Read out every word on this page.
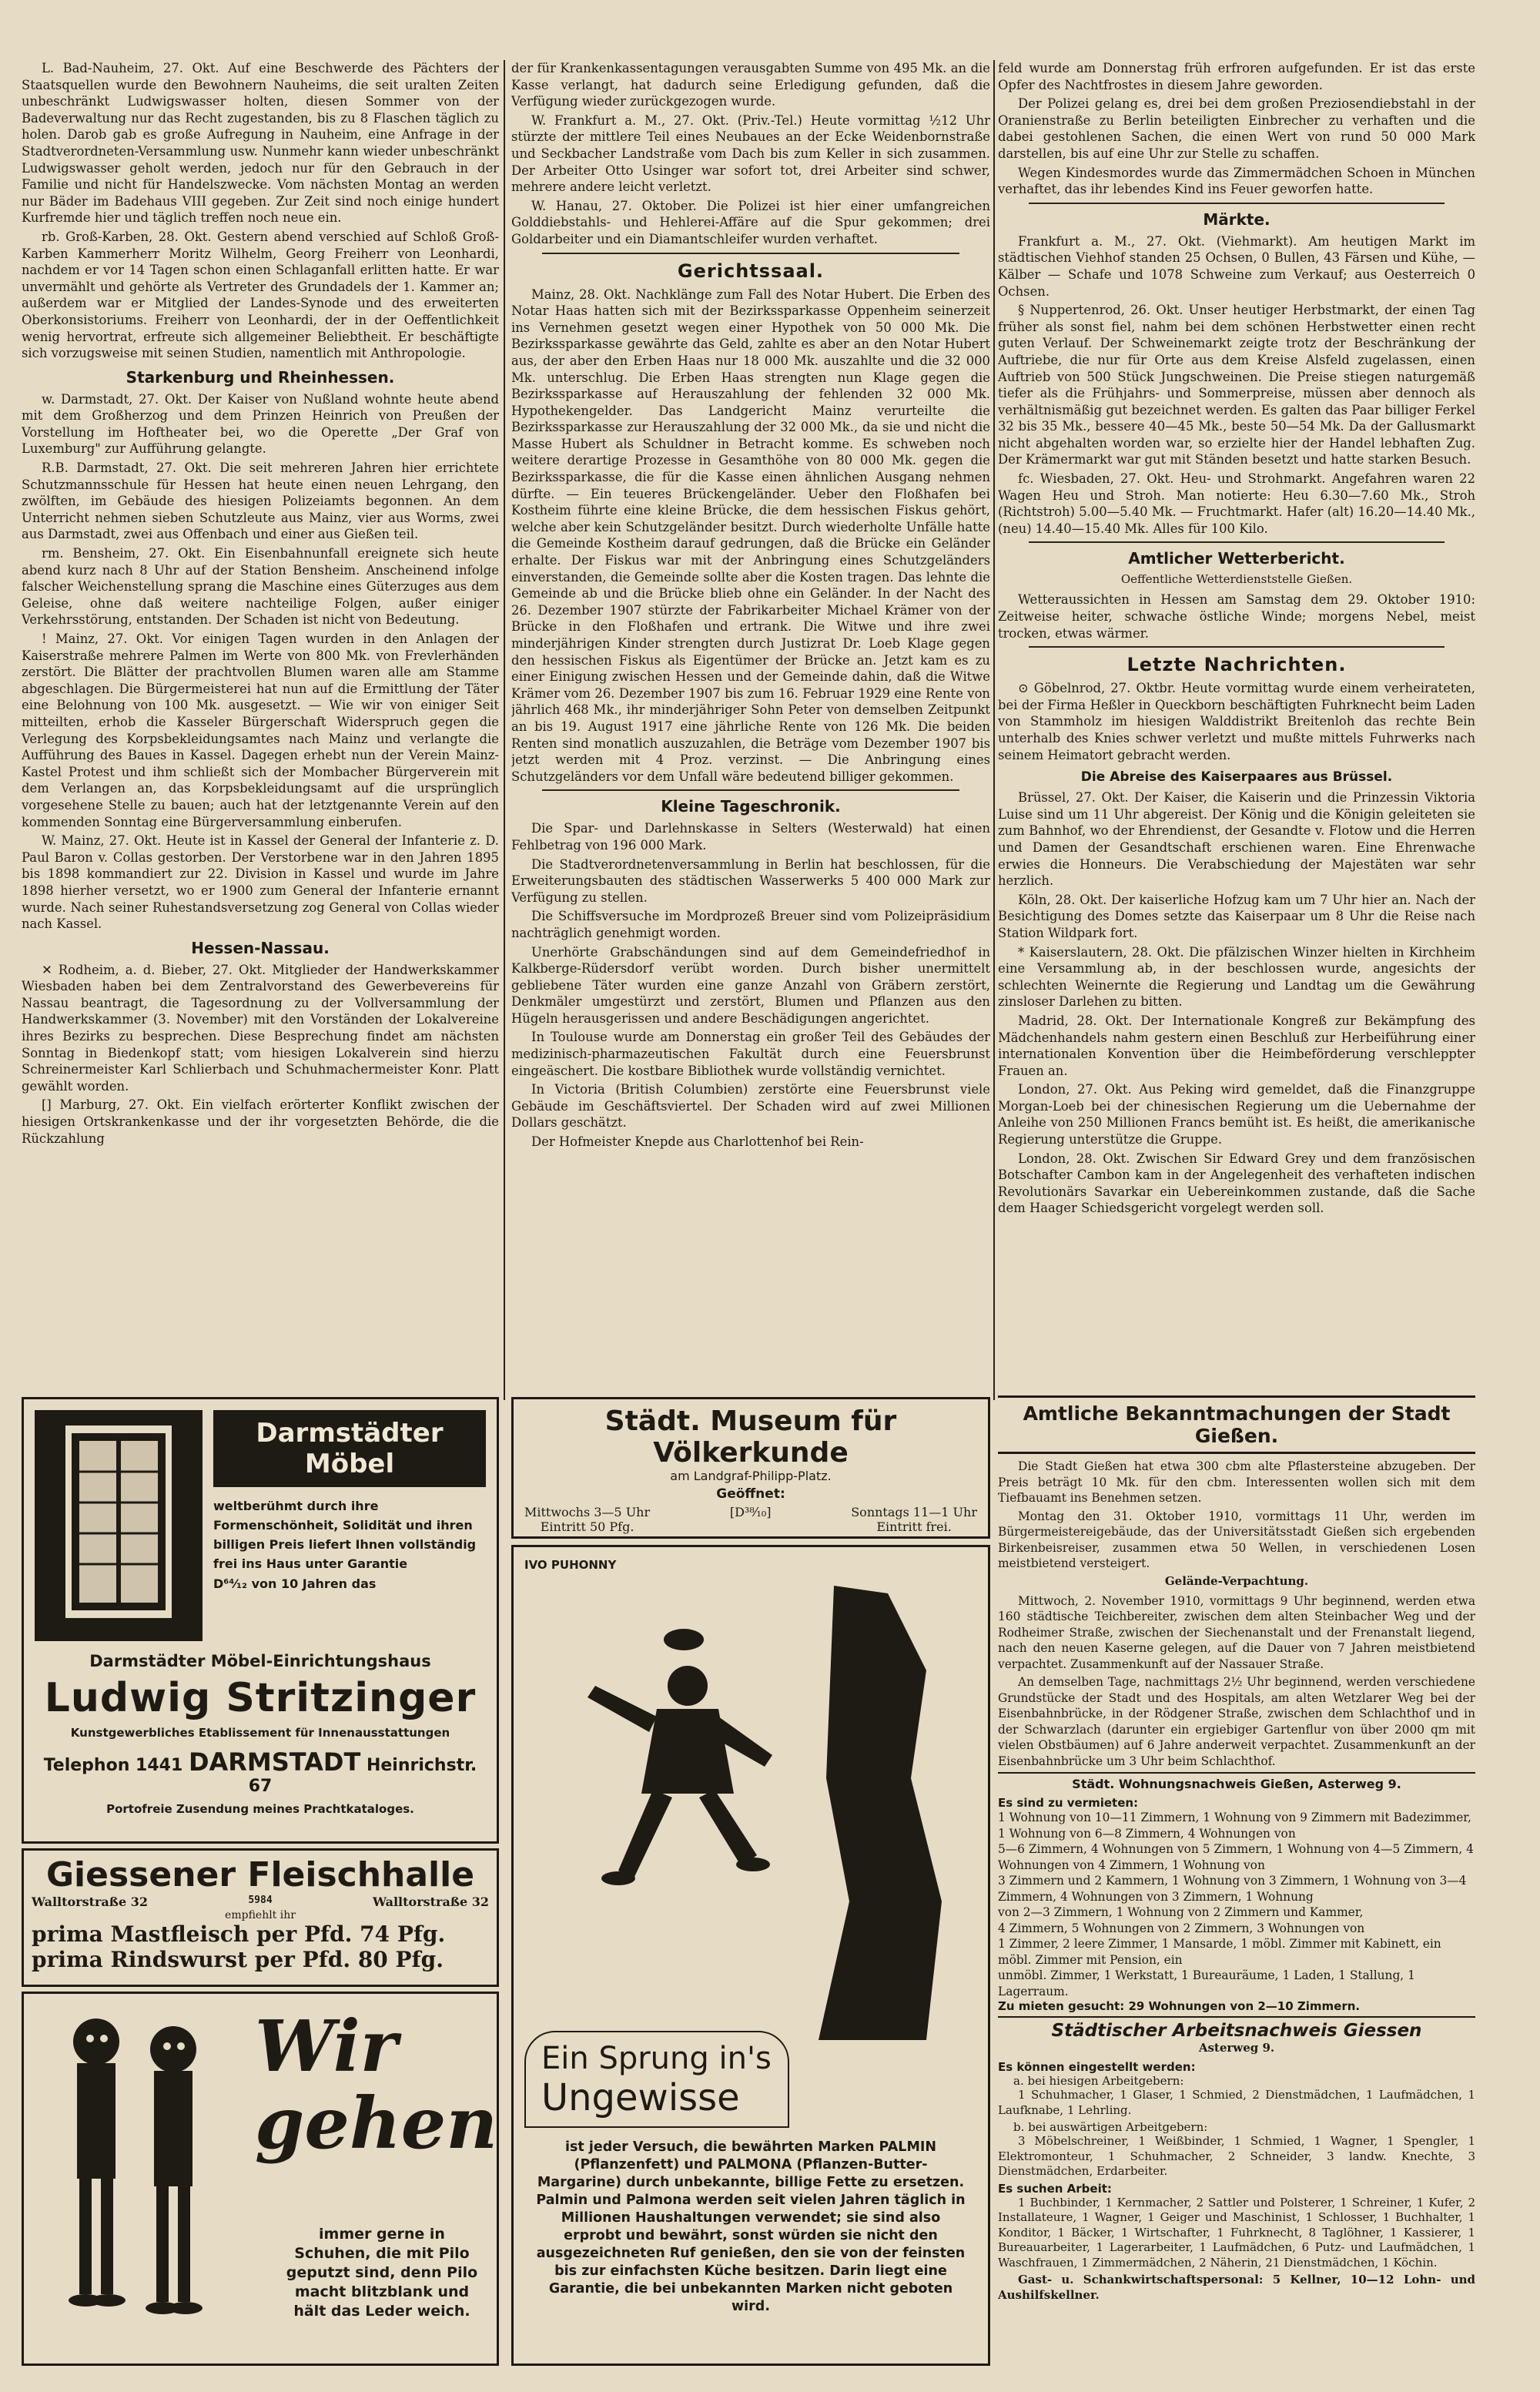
L. Bad-Nauheim, 27. Okt. Auf eine Beschwerde des Pächters der Staatsquellen wurde den Bewohnern Nauheims, die seit uralten Zeiten unbeschränkt Ludwigswasser holten, diesen Sommer von der Badeverwaltung nur das Recht zugestanden, bis zu 8 Flaschen täglich zu holen. Darob gab es große Aufregung in Nauheim, eine Anfrage in der Stadtverordneten-Versammlung usw. Nunmehr kann wieder unbeschränkt Ludwigswasser geholt werden, jedoch nur für den Gebrauch in der Familie und nicht für Handelszwecke. Vom nächsten Montag an werden nur Bäder im Badehaus VIII gegeben. Zur Zeit sind noch einige hundert Kurfremde hier und täglich treffen noch neue ein.

rb. Groß-Karben, 28. Okt. Gestern abend verschied auf Schloß Groß-Karben Kammerherr Moritz Wilhelm, Georg Freiherr von Leonhardi, nachdem er vor 14 Tagen schon einen Schlaganfall erlitten hatte. Er war unvermählt und gehörte als Vertreter des Grundadels der 1. Kammer an; außerdem war er Mitglied der Landes-Synode und des erweiterten Oberkonsistoriums. Freiherr von Leonhardi, der in der Oeffentlichkeit wenig hervortrat, erfreute sich allgemeiner Beliebtheit. Er beschäftigte sich vorzugsweise mit seinen Studien, namentlich mit Anthropologie.

Starkenburg und Rheinhessen.

w. Darmstadt, 27. Okt. Der Kaiser von Nußland wohnte heute abend mit dem Großherzog und dem Prinzen Heinrich von Preußen der Vorstellung im Hoftheater bei, wo die Operette „Der Graf von Luxemburg" zur Aufführung gelangte.

R.B. Darmstadt, 27. Okt. Die seit mehreren Jahren hier errichtete Schutzmannsschule für Hessen hat heute einen neuen Lehrgang, den zwölften, im Gebäude des hiesigen Polizeiamts begonnen. An dem Unterricht nehmen sieben Schutzleute aus Mainz, vier aus Worms, zwei aus Darmstadt, zwei aus Offenbach und einer aus Gießen teil.

rm. Bensheim, 27. Okt. Ein Eisenbahnunfall ereignete sich heute abend kurz nach 8 Uhr auf der Station Bensheim. Anscheinend infolge falscher Weichenstellung sprang die Maschine eines Güterzuges aus dem Geleise, ohne daß weitere nachteilige Folgen, außer einiger Verkehrsstörung, entstanden. Der Schaden ist nicht von Bedeutung.

! Mainz, 27. Okt. Vor einigen Tagen wurden in den Anlagen der Kaiserstraße mehrere Palmen im Werte von 800 Mk. von Frevlerhänden zerstört. Die Blätter der prachtvollen Blumen waren alle am Stamme abgeschlagen. Die Bürgermeisterei hat nun auf die Ermittlung der Täter eine Belohnung von 100 Mk. ausgesetzt. — Wie wir von einiger Seit mitteilten, erhob die Kasseler Bürgerschaft Widerspruch gegen die Verlegung des Korpsbekleidungsamtes nach Mainz und verlangte die Aufführung des Baues in Kassel. Dagegen erhebt nun der Verein Mainz-Kastel Protest und ihm schließt sich der Mombacher Bürgerverein mit dem Verlangen an, das Korpsbekleidungsamt auf die ursprünglich vorgesehene Stelle zu bauen; auch hat der letztgenannte Verein auf den kommenden Sonntag eine Bürgerversammlung einberufen.

W. Mainz, 27. Okt. Heute ist in Kassel der General der Infanterie z. D. Paul Baron v. Collas gestorben. Der Verstorbene war in den Jahren 1895 bis 1898 kommandiert zur 22. Division in Kassel und wurde im Jahre 1898 hierher versetzt, wo er 1900 zum General der Infanterie ernannt wurde. Nach seiner Ruhestandsversetzung zog General von Collas wieder nach Kassel.

Hessen-Nassau.

✕ Rodheim, a. d. Bieber, 27. Okt. Mitglieder der Handwerkskammer Wiesbaden haben bei dem Zentralvorstand des Gewerbevereins für Nassau beantragt, die Tagesordnung zu der Vollversammlung der Handwerkskammer (3. November) mit den Vorständen der Lokalvereine ihres Bezirks zu besprechen. Diese Besprechung findet am nächsten Sonntag in Biedenkopf statt; vom hiesigen Lokalverein sind hierzu Schreinermeister Karl Schlierbach und Schuhmachermeister Konr. Platt gewählt worden.

[] Marburg, 27. Okt. Ein vielfach erörterter Konflikt zwischen der hiesigen Ortskrankenkasse und der ihr vorgesetzten Behörde, die die Rückzahlung

der für Krankenkassentagungen verausgabten Summe von 495 Mk. an die Kasse verlangt, hat dadurch seine Erledigung gefunden, daß die Verfügung wieder zurückgezogen wurde.

W. Frankfurt a. M., 27. Okt. (Priv.-Tel.) Heute vormittag ½12 Uhr stürzte der mittlere Teil eines Neubaues an der Ecke Weidenbornstraße und Seckbacher Landstraße vom Dach bis zum Keller in sich zusammen. Der Arbeiter Otto Usinger war sofort tot, drei Arbeiter sind schwer, mehrere andere leicht verletzt.

W. Hanau, 27. Oktober. Die Polizei ist hier einer umfangreichen Golddiebstahls- und Hehlerei-Affäre auf die Spur gekommen; drei Goldarbeiter und ein Diamantschleifer wurden verhaftet.

Gerichtssaal.

Mainz, 28. Okt. Nachklänge zum Fall des Notar Hubert. Die Erben des Notar Haas hatten sich mit der Bezirkssparkasse Oppenheim seinerzeit ins Vernehmen gesetzt wegen einer Hypothek von 50 000 Mk. Die Bezirkssparkasse gewährte das Geld, zahlte es aber an den Notar Hubert aus, der aber den Erben Haas nur 18 000 Mk. auszahlte und die 32 000 Mk. unterschlug. Die Erben Haas strengten nun Klage gegen die Bezirkssparkasse auf Herauszahlung der fehlenden 32 000 Mk. Hypothekengelder. Das Landgericht Mainz verurteilte die Bezirkssparkasse zur Herauszahlung der 32 000 Mk., da sie und nicht die Masse Hubert als Schuldner in Betracht komme. Es schweben noch weitere derartige Prozesse in Gesamthöhe von 80 000 Mk. gegen die Bezirkssparkasse, die für die Kasse einen ähnlichen Ausgang nehmen dürfte. — Ein teueres Brückengeländer. Ueber den Floßhafen bei Kostheim führte eine kleine Brücke, die dem hessischen Fiskus gehört, welche aber kein Schutzgeländer besitzt. Durch wiederholte Unfälle hatte die Gemeinde Kostheim darauf gedrungen, daß die Brücke ein Geländer erhalte. Der Fiskus war mit der Anbringung eines Schutzgeländers einverstanden, die Gemeinde sollte aber die Kosten tragen. Das lehnte die Gemeinde ab und die Brücke blieb ohne ein Geländer. In der Nacht des 26. Dezember 1907 stürzte der Fabrikarbeiter Michael Krämer von der Brücke in den Floßhafen und ertrank. Die Witwe und ihre zwei minderjährigen Kinder strengten durch Justizrat Dr. Loeb Klage gegen den hessischen Fiskus als Eigentümer der Brücke an. Jetzt kam es zu einer Einigung zwischen Hessen und der Gemeinde dahin, daß die Witwe Krämer vom 26. Dezember 1907 bis zum 16. Februar 1929 eine Rente von jährlich 468 Mk., ihr minderjähriger Sohn Peter von demselben Zeitpunkt an bis 19. August 1917 eine jährliche Rente von 126 Mk. Die beiden Renten sind monatlich auszuzahlen, die Beträge vom Dezember 1907 bis jetzt werden mit 4 Proz. verzinst. — Die Anbringung eines Schutzgeländers vor dem Unfall wäre bedeutend billiger gekommen.

Kleine Tageschronik.

Die Spar- und Darlehnskasse in Selters (Westerwald) hat einen Fehlbetrag von 196 000 Mark.

Die Stadtverordnetenversammlung in Berlin hat beschlossen, für die Erweiterungsbauten des städtischen Wasserwerks 5 400 000 Mark zur Verfügung zu stellen.

Die Schiffsversuche im Mordprozeß Breuer sind vom Polizeipräsidium nachträglich genehmigt worden.

Unerhörte Grabschändungen sind auf dem Gemeindefriedhof in Kalkberge-Rüdersdorf verübt worden. Durch bisher unermittelt gebliebene Täter wurden eine ganze Anzahl von Gräbern zerstört, Denkmäler umgestürzt und zerstört, Blumen und Pflanzen aus den Hügeln herausgerissen und andere Beschädigungen angerichtet.

In Toulouse wurde am Donnerstag ein großer Teil des Gebäudes der medizinisch-pharmazeutischen Fakultät durch eine Feuersbrunst eingeäschert. Die kostbare Bibliothek wurde vollständig vernichtet.

In Victoria (British Columbien) zerstörte eine Feuersbrunst viele Gebäude im Geschäftsviertel. Der Schaden wird auf zwei Millionen Dollars geschätzt.

Der Hofmeister Knepde aus Charlottenhof bei Rein-

feld wurde am Donnerstag früh erfroren aufgefunden. Er ist das erste Opfer des Nachtfrostes in diesem Jahre geworden.

Der Polizei gelang es, drei bei dem großen Preziosendiebstahl in der Oranienstraße zu Berlin beteiligten Einbrecher zu verhaften und die dabei gestohlenen Sachen, die einen Wert von rund 50 000 Mark darstellen, bis auf eine Uhr zur Stelle zu schaffen.

Wegen Kindesmordes wurde das Zimmermädchen Schoen in München verhaftet, das ihr lebendes Kind ins Feuer geworfen hatte.

Märkte.

Frankfurt a. M., 27. Okt. (Viehmarkt). Am heutigen Markt im städtischen Viehhof standen 25 Ochsen, 0 Bullen, 43 Färsen und Kühe, — Kälber — Schafe und 1078 Schweine zum Verkauf; aus Oesterreich 0 Ochsen.

§ Nuppertenrod, 26. Okt. Unser heutiger Herbstmarkt, der einen Tag früher als sonst fiel, nahm bei dem schönen Herbstwetter einen recht guten Verlauf. Der Schweinemarkt zeigte trotz der Beschränkung der Auftriebe, die nur für Orte aus dem Kreise Alsfeld zugelassen, einen Auftrieb von 500 Stück Jungschweinen. Die Preise stiegen naturgemäß tiefer als die Frühjahrs- und Sommerpreise, müssen aber dennoch als verhältnismäßig gut bezeichnet werden. Es galten das Paar billiger Ferkel 32 bis 35 Mk., bessere 40—45 Mk., beste 50—54 Mk. Da der Gallusmarkt nicht abgehalten worden war, so erzielte hier der Handel lebhaften Zug. Der Krämermarkt war gut mit Ständen besetzt und hatte starken Besuch.

fc. Wiesbaden, 27. Okt. Heu- und Strohmarkt. Angefahren waren 22 Wagen Heu und Stroh. Man notierte: Heu 6.30—7.60 Mk., Stroh (Richtstroh) 5.00—5.40 Mk. — Fruchtmarkt. Hafer (alt) 16.20—14.40 Mk., (neu) 14.40—15.40 Mk. Alles für 100 Kilo.

Amtlicher Wetterbericht.
Oeffentliche Wetterdienststelle Gießen.

Wetteraussichten in Hessen am Samstag dem 29. Oktober 1910: Zeitweise heiter, schwache östliche Winde; morgens Nebel, meist trocken, etwas wärmer.

Letzte Nachrichten.

⊙ Göbelnrod, 27. Oktbr. Heute vormittag wurde einem verheirateten, bei der Firma Heßler in Queckborn beschäftigten Fuhrknecht beim Laden von Stammholz im hiesigen Walddistrikt Breitenloh das rechte Bein unterhalb des Knies schwer verletzt und mußte mittels Fuhrwerks nach seinem Heimatort gebracht werden.

Die Abreise des Kaiserpaares aus Brüssel.

Brüssel, 27. Okt. Der Kaiser, die Kaiserin und die Prinzessin Viktoria Luise sind um 11 Uhr abgereist. Der König und die Königin geleiteten sie zum Bahnhof, wo der Ehrendienst, der Gesandte v. Flotow und die Herren und Damen der Gesandtschaft erschienen waren. Eine Ehrenwache erwies die Honneurs. Die Verabschiedung der Majestäten war sehr herzlich.

Köln, 28. Okt. Der kaiserliche Hofzug kam um 7 Uhr hier an. Nach der Besichtigung des Domes setzte das Kaiserpaar um 8 Uhr die Reise nach Station Wildpark fort.

* Kaiserslautern, 28. Okt. Die pfälzischen Winzer hielten in Kirchheim eine Versammlung ab, in der beschlossen wurde, angesichts der schlechten Weinernte die Regierung und Landtag um die Gewährung zinsloser Darlehen zu bitten.

Madrid, 28. Okt. Der Internationale Kongreß zur Bekämpfung des Mädchenhandels nahm gestern einen Beschluß zur Herbeiführung einer internationalen Konvention über die Heimbeförderung verschleppter Frauen an.

London, 27. Okt. Aus Peking wird gemeldet, daß die Finanzgruppe Morgan-Loeb bei der chinesischen Regierung um die Uebernahme der Anleihe von 250 Millionen Francs bemüht ist. Es heißt, die amerikanische Regierung unterstütze die Gruppe.

London, 28. Okt. Zwischen Sir Edward Grey und dem französischen Botschafter Cambon kam in der Angelegenheit des verhafteten indischen Revolutionärs Savarkar ein Uebereinkommen zustande, daß die Sache dem Haager Schiedsgericht vorgelegt werden soll.

Amtliche Bekanntmachungen der Stadt Gießen.

Die Stadt Gießen hat etwa 300 cbm alte Pflastersteine abzugeben. Der Preis beträgt 10 Mk. für den cbm. Interessenten wollen sich mit dem Tiefbauamt ins Benehmen setzen.

Montag den 31. Oktober 1910, vormittags 11 Uhr, werden im Bürgermeistereigebäude, das der Universitätsstadt Gießen sich ergebenden Birkenbeisreiser, zusammen etwa 50 Wellen, in verschiedenen Losen meistbietend versteigert.

Gelände-Verpachtung.

Mittwoch, 2. November 1910, vormittags 9 Uhr beginnend, werden etwa 160 städtische Teichbereiter, zwischen dem alten Steinbacher Weg und der Rodheimer Straße, zwischen der Siechenanstalt und der Frenanstalt liegend, nach den neuen Kaserne gelegen, auf die Dauer von 7 Jahren meistbietend verpachtet. Zusammenkunft auf der Nassauer Straße.

An demselben Tage, nachmittags 2½ Uhr beginnend, werden verschiedene Grundstücke der Stadt und des Hospitals, am alten Wetzlarer Weg bei der Eisenbahnbrücke, in der Rödgener Straße, zwischen dem Schlachthof und in der Schwarzlach (darunter ein ergiebiger Gartenflur von über 2000 qm mit vielen Obstbäumen) auf 6 Jahre anderweit verpachtet. Zusammenkunft an der Eisenbahnbrücke um 3 Uhr beim Schlachthof.

Städt. Wohnungsnachweis Gießen, Asterweg 9.
Es sind zu vermieten:
1 Wohnung von 10—11 Zimmern, 1 Wohnung von 9 Zimmern mit Badezimmer, 1 Wohnung von 6—8 Zimmern, 4 Wohnungen von
5—6 Zimmern, 4 Wohnungen von 5 Zimmern, 1 Wohnung von 4—5 Zimmern, 4 Wohnungen von 4 Zimmern, 1 Wohnung von
3 Zimmern und 2 Kammern, 1 Wohnung von 3 Zimmern, 1 Wohnung von 3—4 Zimmern, 4 Wohnungen von 3 Zimmern, 1 Wohnung
von 2—3 Zimmern, 1 Wohnung von 2 Zimmern und Kammer,
4 Zimmern, 5 Wohnungen von 2 Zimmern, 3 Wohnungen von
1 Zimmer, 2 leere Zimmer, 1 Mansarde, 1 möbl. Zimmer mit Kabinett, ein möbl. Zimmer mit Pension, ein
unmöbl. Zimmer, 1 Werkstatt, 1 Bureauräume, 1 Laden, 1 Stallung, 1 Lagerraum.
Zu mieten gesucht: 29 Wohnungen von 2—10 Zimmern.
Städtischer Arbeitsnachweis Giessen
Asterweg 9.
Es können eingestellt werden:
a. bei hiesigen Arbeitgebern:

1 Schuhmacher, 1 Glaser, 1 Schmied, 2 Dienstmädchen, 1 Laufmädchen, 1 Laufknabe, 1 Lehrling.

b. bei auswärtigen Arbeitgebern:

3 Möbelschreiner, 1 Weißbinder, 1 Schmied, 1 Wagner, 1 Spengler, 1 Elektromonteur, 1 Schuhmacher, 2 Schneider, 3 landw. Knechte, 3 Dienstmädchen, Erdarbeiter.

Es suchen Arbeit:

1 Buchbinder, 1 Kernmacher, 2 Sattler und Polsterer, 1 Schreiner, 1 Kufer, 2 Installateure, 1 Wagner, 1 Geiger und Maschinist, 1 Schlosser, 1 Buchhalter, 1 Konditor, 1 Bäcker, 1 Wirtschafter, 1 Fuhrknecht, 8 Taglöhner, 1 Kassierer, 1 Bureauarbeiter, 1 Lagerarbeiter, 1 Laufmädchen, 6 Putz- und Laufmädchen, 1 Waschfrauen, 1 Zimmermädchen, 2 Näherin, 21 Dienstmädchen, 1 Köchin.

Gast- u. Schankwirtschaftspersonal: 5 Kellner, 10—12 Lohn- und Aushilfskellner.

Darmstädter Möbel
weltberühmt durch ihre Formenschönheit, Solidität und ihren billigen Preis liefert Ihnen vollständig frei ins Haus unter Garantie
D⁶⁴⁄₁₂ von 10 Jahren das
Darmstädter Möbel-Einrichtungshaus
Ludwig Stritzinger
Kunstgewerbliches Etablissement für Innenausstattungen
Telephon 1441 DARMSTADT Heinrichstr. 67
Portofreie Zusendung meines Prachtkataloges.
Giessener Fleischhalle
Walltorstraße 32	5984	Walltorstraße 32
empfiehlt ihr
prima Mastfleisch per Pfd. 74 Pfg.
prima Rindswurst per Pfd. 80 Pfg.
Wir
gehen
immer gerne in Schuhen, die mit Pilo geputzt sind, denn Pilo macht blitzblank und hält das Leder weich.
Städt. Museum für Völkerkunde
am Landgraf-Philipp-Platz.
Geöffnet:
Mittwochs 3—5 Uhr
Eintritt 50 Pfg.
[D³⁸⁄₁₀]	Sonntags 11—1 Uhr
Eintritt frei.
IVO PUHONNY
Ein Sprung in's
Ungewisse
ist jeder Versuch, die bewährten Marken PALMIN (Pflanzenfett) und PALMONA (Pflanzen-Butter-Margarine) durch unbekannte, billige Fette zu ersetzen. Palmin und Palmona werden seit vielen Jahren täglich in Millionen Haushaltungen verwendet; sie sind also erprobt und bewährt, sonst würden sie nicht den ausgezeichneten Ruf genießen, den sie von der feinsten bis zur einfachsten Küche besitzen. Darin liegt eine Garantie, die bei unbekannten Marken nicht geboten wird.
